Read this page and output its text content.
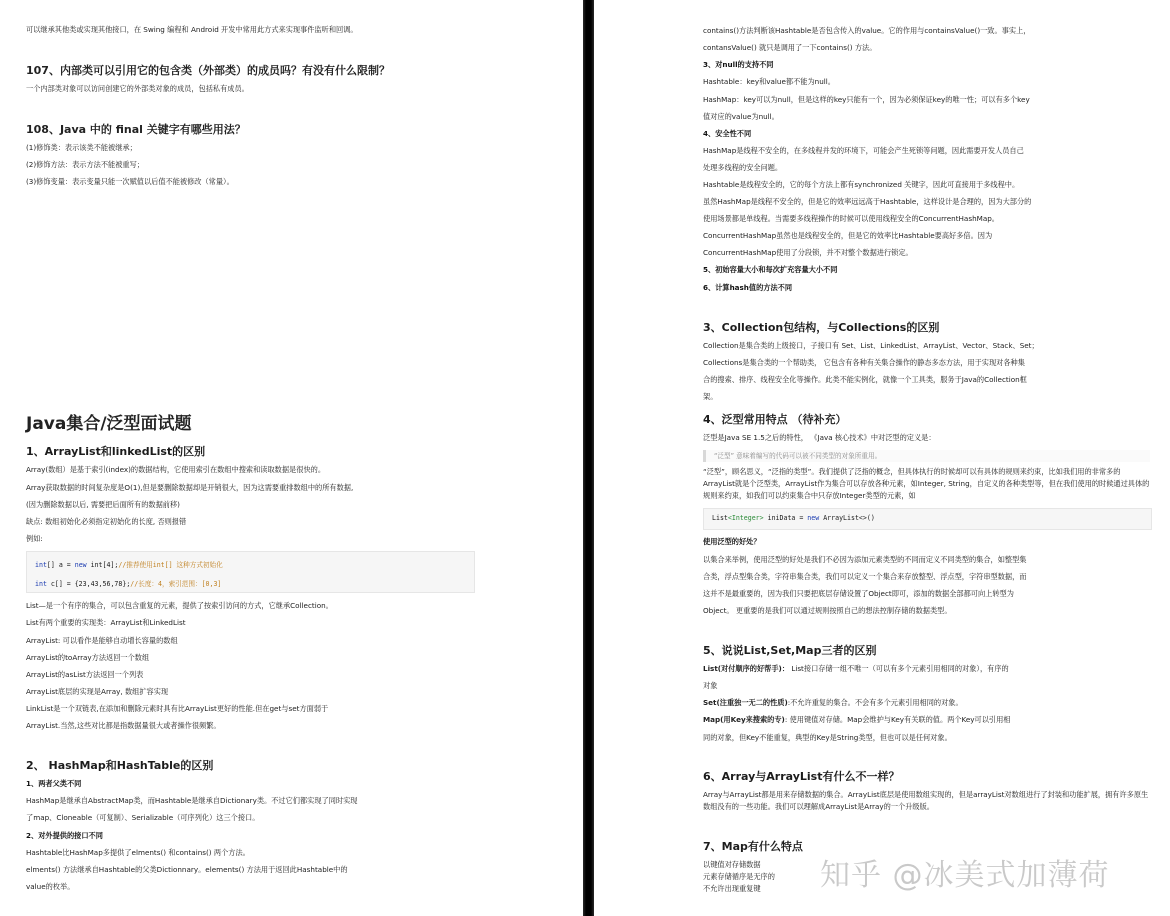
可以继承其他类或实现其他接口，在 Swing 编程和 Android 开发中常用此方式来实现事件监听和回调。
107、内部类可以引用它的包含类（外部类）的成员吗？有没有什么限制？
一个内部类对象可以访问创建它的外部类对象的成员，包括私有成员。
108、Java 中的 final 关键字有哪些用法？
(1)修饰类：表示该类不能被继承；
(2)修饰方法：表示方法不能被重写；
(3)修饰变量：表示变量只能一次赋值以后值不能被修改（常量）。
Java集合/泛型面试题
1、ArrayList和linkedList的区别
Array(数组）是基于索引(index)的数据结构，它使用索引在数组中搜索和读取数据是很快的。
Array获取数据的时间复杂度是O(1),但是要删除数据却是开销很大，因为这需要重排数组中的所有数据,
(因为删除数据以后, 需要把后面所有的数据前移)
缺点: 数组初始化必须指定初始化的长度, 否则报错
例如:
int[] a = new int[4];//推荐使用int[] 这种方式初始化
int c[] = {23,43,56,78};//长度：4，索引范围：[0,3]
List—是一个有序的集合，可以包含重复的元素，提供了按索引访问的方式，它继承Collection。
List有两个重要的实现类：ArrayList和LinkedList
ArrayList: 可以看作是能够自动增长容量的数组
ArrayList的toArray方法返回一个数组
ArrayList的asList方法返回一个列表
ArrayList底层的实现是Array, 数组扩容实现
LinkList是一个双链表,在添加和删除元素时具有比ArrayList更好的性能.但在get与set方面弱于
ArrayList.当然,这些对比都是指数据量很大或者操作很频繁。
2、 HashMap和HashTable的区别
1、两者父类不同
HashMap是继承自AbstractMap类，而Hashtable是继承自Dictionary类。不过它们都实现了同时实现
了map、Cloneable（可复制）、Serializable（可序列化）这三个接口。
2、对外提供的接口不同
Hashtable比HashMap多提供了elments() 和contains() 两个方法。
elments() 方法继承自Hashtable的父类Dictionnary。elements() 方法用于返回此Hashtable中的
value的枚举。
contains()方法判断该Hashtable是否包含传入的value。它的作用与containsValue()一致。事实上，
contansValue() 就只是调用了一下contains() 方法。
3、对null的支持不同
Hashtable：key和value都不能为null。
HashMap：key可以为null，但是这样的key只能有一个，因为必须保证key的唯一性；可以有多个key
值对应的value为null。
4、安全性不同
HashMap是线程不安全的，在多线程并发的环境下，可能会产生死锁等问题，因此需要开发人员自己
处理多线程的安全问题。
Hashtable是线程安全的，它的每个方法上都有synchronized 关键字，因此可直接用于多线程中。
虽然HashMap是线程不安全的，但是它的效率远远高于Hashtable，这样设计是合理的，因为大部分的
使用场景都是单线程。当需要多线程操作的时候可以使用线程安全的ConcurrentHashMap。
ConcurrentHashMap虽然也是线程安全的，但是它的效率比Hashtable要高好多倍。因为
ConcurrentHashMap使用了分段锁，并不对整个数据进行锁定。
5、初始容量大小和每次扩充容量大小不同
6、计算hash值的方法不同
3、Collection包结构，与Collections的区别
Collection是集合类的上级接口，子接口有 Set、List、LinkedList、ArrayList、Vector、Stack、Set；
Collections是集合类的一个帮助类， 它包含有各种有关集合操作的静态多态方法，用于实现对各种集
合的搜索、排序、线程安全化等操作。此类不能实例化，就像一个工具类，服务于Java的Collection框
架。
4、泛型常用特点 （待补充）
泛型是Java SE 1.5之后的特性， 《Java 核心技术》中对泛型的定义是：
“泛型” 意味着编写的代码可以被不同类型的对象所重用。
“泛型”，顾名思义，“泛指的类型”。我们提供了泛指的概念，但具体执行的时候却可以有具体的规则来约束，比如我们用的非常多的
ArrayList就是个泛型类，ArrayList作为集合可以存放各种元素，如Integer, String，自定义的各种类型等，但在我们使用的时候通过具体的
规则来约束，如我们可以约束集合中只存放Integer类型的元素，如
List<Integer> iniData = new ArrayList<>()
使用泛型的好处？
以集合来举例，使用泛型的好处是我们不必因为添加元素类型的不同而定义不同类型的集合，如整型集
合类，浮点型集合类，字符串集合类，我们可以定义一个集合来存放整型、浮点型，字符串型数据，而
这并不是最重要的，因为我们只要把底层存储设置了Object即可，添加的数据全部都可向上转型为
Object。 更重要的是我们可以通过规则按照自己的想法控制存储的数据类型。
5、说说List,Set,Map三者的区别
List(对付顺序的好帮手)： List接口存储一组不唯一（可以有多个元素引用相同的对象），有序的
对象
Set(注重独一无二的性质):不允许重复的集合。不会有多个元素引用相同的对象。
Map(用Key来搜索的专): 使用键值对存储。Map会维护与Key有关联的值。两个Key可以引用相
同的对象，但Key不能重复，典型的Key是String类型，但也可以是任何对象。
6、Array与ArrayList有什么不一样？
Array与ArrayList都是用来存储数据的集合。ArrayList底层是使用数组实现的，但是arrayList对数组进行了封装和功能扩展，拥有许多原生
数组没有的一些功能。我们可以理解成ArrayList是Array的一个升级版。
7、Map有什么特点
以键值对存储数据
元素存储循序是无序的
不允许出现重复键 知乎 @冰美式加薄荷
